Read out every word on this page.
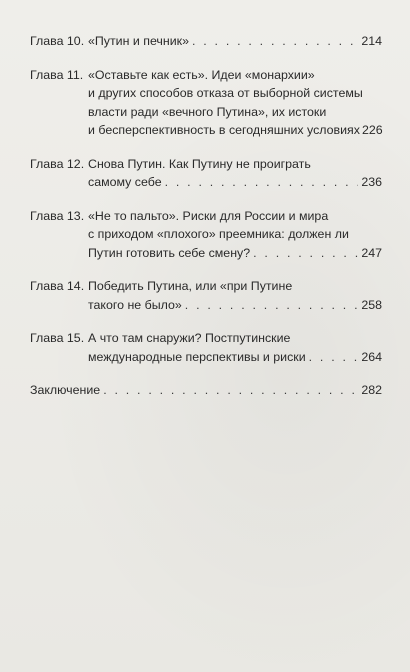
Глава 10. «Путин и печник» . . .	214
Глава 11. «Оставьте как есть». Идеи «монархии»
и других способов отказа от выборной системы
власти ради «вечного Путина», их истоки
и бесперспективность в сегодняшних условиях 226
Глава 12. Снова Путин. Как Путину не проиграть
самому себе . . .	236
Глава 13. «Не то пальто». Риски для России и мира
с приходом «плохого» преемника: должен ли
Путин готовить себе смену? . . .	247
Глава 14. Победить Путина, или «при Путине
такого не было» . . .	258
Глава 15. А что там снаружи? Постпутинские
международные перспективы и риски . . .	264
Заключение . . .	282
